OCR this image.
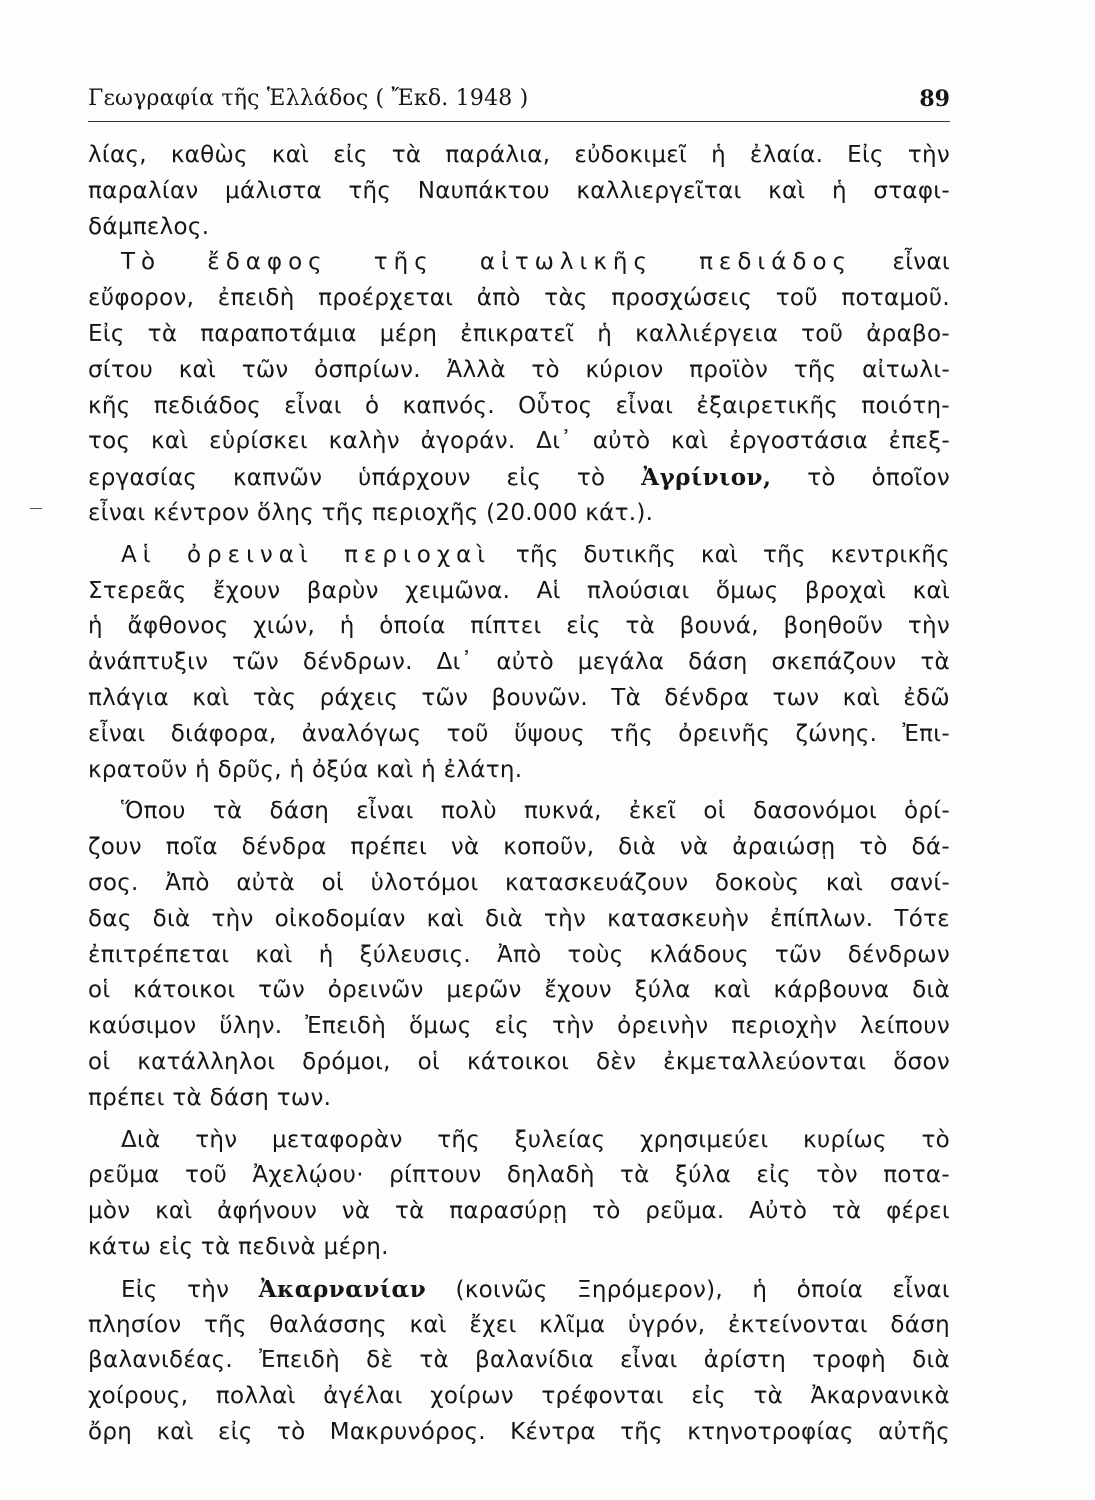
Γεωγραφία τῆς Ἑλλάδος ( Ἔκδ. 1948 )	89
λίας, καθὼς καὶ εἰς τὰ παράλια, εὐδοκιμεῖ ἡ ἐλαία. Εἰς τὴν
παραλίαν μάλιστα τῆς Ναυπάκτου καλλιεργεῖται καὶ ἡ σταφι-
δάμπελος.
Τὸ ἔδαφος τῆς αἰτωλικῆς πεδιάδος εἶναι
εὔφορον, ἐπειδὴ προέρχεται ἀπὸ τὰς προσχώσεις τοῦ ποταμοῦ.
Εἰς τὰ παραποτάμια μέρη ἐπικρατεῖ ἡ καλλιέργεια τοῦ ἀραβο-
σίτου καὶ τῶν ὀσπρίων. Ἀλλὰ τὸ κύριον προϊὸν τῆς αἰτωλι-
κῆς πεδιάδος εἶναι ὁ καπνός. Οὗτος εἶναι ἐξαιρετικῆς ποιότη-
τος καὶ εὑρίσκει καλὴν ἀγοράν. Δι᾽ αὐτὸ καὶ ἐργοστάσια ἐπεξ-
εργασίας καπνῶν ὑπάρχουν εἰς τὸ Ἀγρίνιον, τὸ ὁποῖον
εἶναι κέντρον ὅλης τῆς περιοχῆς (20.000 κάτ.).
Αἱ ὀρειναὶ περιοχαὶ τῆς δυτικῆς καὶ τῆς κεντρικῆς
Στερεᾶς ἔχουν βαρὺν χειμῶνα. Αἱ πλούσιαι ὅμως βροχαὶ καὶ
ἡ ἄφθονος χιών, ἡ ὁποία πίπτει εἰς τὰ βουνά, βοηθοῦν τὴν
ἀνάπτυξιν τῶν δένδρων. Δι᾽ αὐτὸ μεγάλα δάση σκεπάζουν τὰ
πλάγια καὶ τὰς ράχεις τῶν βουνῶν. Τὰ δένδρα των καὶ ἐδῶ
εἶναι διάφορα, ἀναλόγως τοῦ ὕψους τῆς ὀρεινῆς ζώνης. Ἐπι-
κρατοῦν ἡ δρῦς, ἡ ὀξύα καὶ ἡ ἐλάτη.
Ὅπου τὰ δάση εἶναι πολὺ πυκνά, ἐκεῖ οἱ δασονόμοι ὁρί-
ζουν ποῖα δένδρα πρέπει νὰ κοποῦν, διὰ νὰ ἀραιώσῃ τὸ δά-
σος. Ἀπὸ αὐτὰ οἱ ὑλοτόμοι κατασκευάζουν δοκοὺς καὶ σανί-
δας διὰ τὴν οἰκοδομίαν καὶ διὰ τὴν κατασκευὴν ἐπίπλων. Τότε
ἐπιτρέπεται καὶ ἡ ξύλευσις. Ἀπὸ τοὺς κλάδους τῶν δένδρων
οἱ κάτοικοι τῶν ὀρεινῶν μερῶν ἔχουν ξύλα καὶ κάρβουνα διὰ
καύσιμον ὕλην. Ἐπειδὴ ὅμως εἰς τὴν ὀρεινὴν περιοχὴν λείπουν
οἱ κατάλληλοι δρόμοι, οἱ κάτοικοι δὲν ἐκμεταλλεύονται ὅσον
πρέπει τὰ δάση των.
Διὰ τὴν μεταφορὰν τῆς ξυλείας χρησιμεύει κυρίως τὸ
ρεῦμα τοῦ Ἀχελῴου· ρίπτουν δηλαδὴ τὰ ξύλα εἰς τὸν ποτα-
μὸν καὶ ἀφήνουν νὰ τὰ παρασύρῃ τὸ ρεῦμα. Αὐτὸ τὰ φέρει
κάτω εἰς τὰ πεδινὰ μέρη.
Εἰς τὴν Ἀκαρνανίαν (κοινῶς Ξηρόμερον), ἡ ὁποία εἶναι
πλησίον τῆς θαλάσσης καὶ ἔχει κλῖμα ὑγρόν, ἐκτείνονται δάση
βαλανιδέας. Ἐπειδὴ δὲ τὰ βαλανίδια εἶναι ἀρίστη τροφὴ διὰ
χοίρους, πολλαὶ ἀγέλαι χοίρων τρέφονται εἰς τὰ Ἀκαρνανικὰ
ὄρη καὶ εἰς τὸ Μακρυνόρος. Κέντρα τῆς κτηνοτροφίας αὐτῆς
